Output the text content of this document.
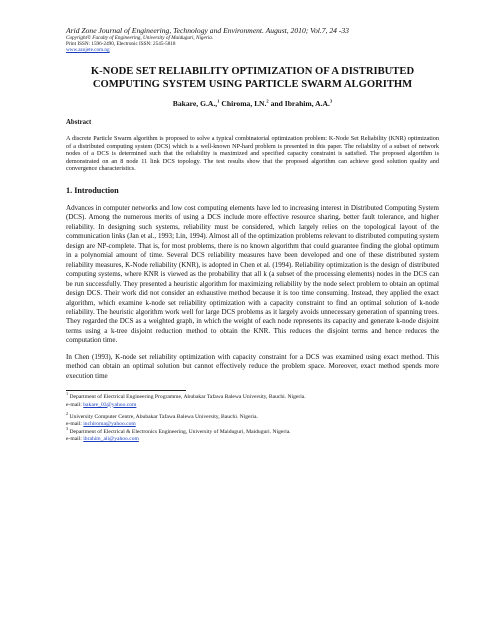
Arid Zone Journal of Engineering, Technology and Environment. August, 2010; Vol.7, 24 -33
Copyright© Faculty of Engineering, University of Maiduguri, Nigeria.
Print ISSN: 1596-2490, Electronic ISSN: 2545-5818
www.azojete.com.ng
K-NODE SET RELIABILITY OPTIMIZATION OF A DISTRIBUTED COMPUTING SYSTEM USING PARTICLE SWARM ALGORITHM
Bakare, G.A.,$^1$ Chiroma, I.N.$^2$ and Ibrahim, A.A.$^3$
Abstract
A discrete Particle Swarm algorithm is proposed to solve a typical combinatorial optimization problem: K-Node Set Reliability (KNR) optimization of a distributed computing system (DCS) which is a well-known NP-hard problem is presented in this paper. The reliability of a subset of network nodes of a DCS is determined such that the reliability is maximized and specified capacity constraint is satisfied. The proposed algorithm is demonstrated on an 8 node 11 link DCS topology. The test results show that the proposed algorithm can achieve good solution quality and convergence characteristics.
1. Introduction
Advances in computer networks and low cost computing elements have led to increasing interest in Distributed Computing System (DCS). Among the numerous merits of using a DCS include more effective resource sharing, better fault tolerance, and higher reliability. In designing such systems, reliability must be considered, which largely relies on the topological layout of the communication links (Jan et al., 1993; Lin, 1994). Almost all of the optimization problems relevant to distributed computing system design are NP-complete. That is, for most problems, there is no known algorithm that could guarantee finding the global optimum in a polynomial amount of time. Several DCS reliability measures have been developed and one of these distributed system reliability measures, K-Node reliability (KNR), is adopted in Chen et al. (1994). Reliability optimization is the design of distributed computing systems, where KNR is viewed as the probability that all k (a subset of the processing elements) nodes in the DCS can be run successfully. They presented a heuristic algorithm for maximizing reliability by the node select problem to obtain an optimal design DCS. Their work did not consider an exhaustive method because it is too time consuming. Instead, they applied the exact algorithm, which examine k-node set reliability optimization with a capacity constraint to find an optimal solution of k-node reliability. The heuristic algorithm work well for large DCS problems as it largely avoids unnecessary generation of spanning trees. They regarded the DCS as a weighted graph, in which the weight of each node represents its capacity and generate k-node disjoint terms using a k-tree disjoint reduction method to obtain the KNR. This reduces the disjoint terms and hence reduces the computation time.
In Chen (1993), K-node set reliability optimization with capacity constraint for a DCS was examined using exact method. This method can obtain an optimal solution but cannot effectively reduce the problem space. Moreover, exact method spends more execution time
$^1$ Department of Electrical Engineering Programme, Abubakar Tafawa Balewa University, Bauchi. Nigeria.
e-mail: bakare_03@yahoo.com
$^2$ University Computer Centre, Abubakar Tafawa Balewa University, Bauchi. Nigeria.
e-mail: inchiroma@yahoo.com
$^3$ Department of Electrical & Electronics Engineering, University of Maiduguri, Maiduguri. Nigeria.
e-mail: ibrahim_ali@yahoo.com
